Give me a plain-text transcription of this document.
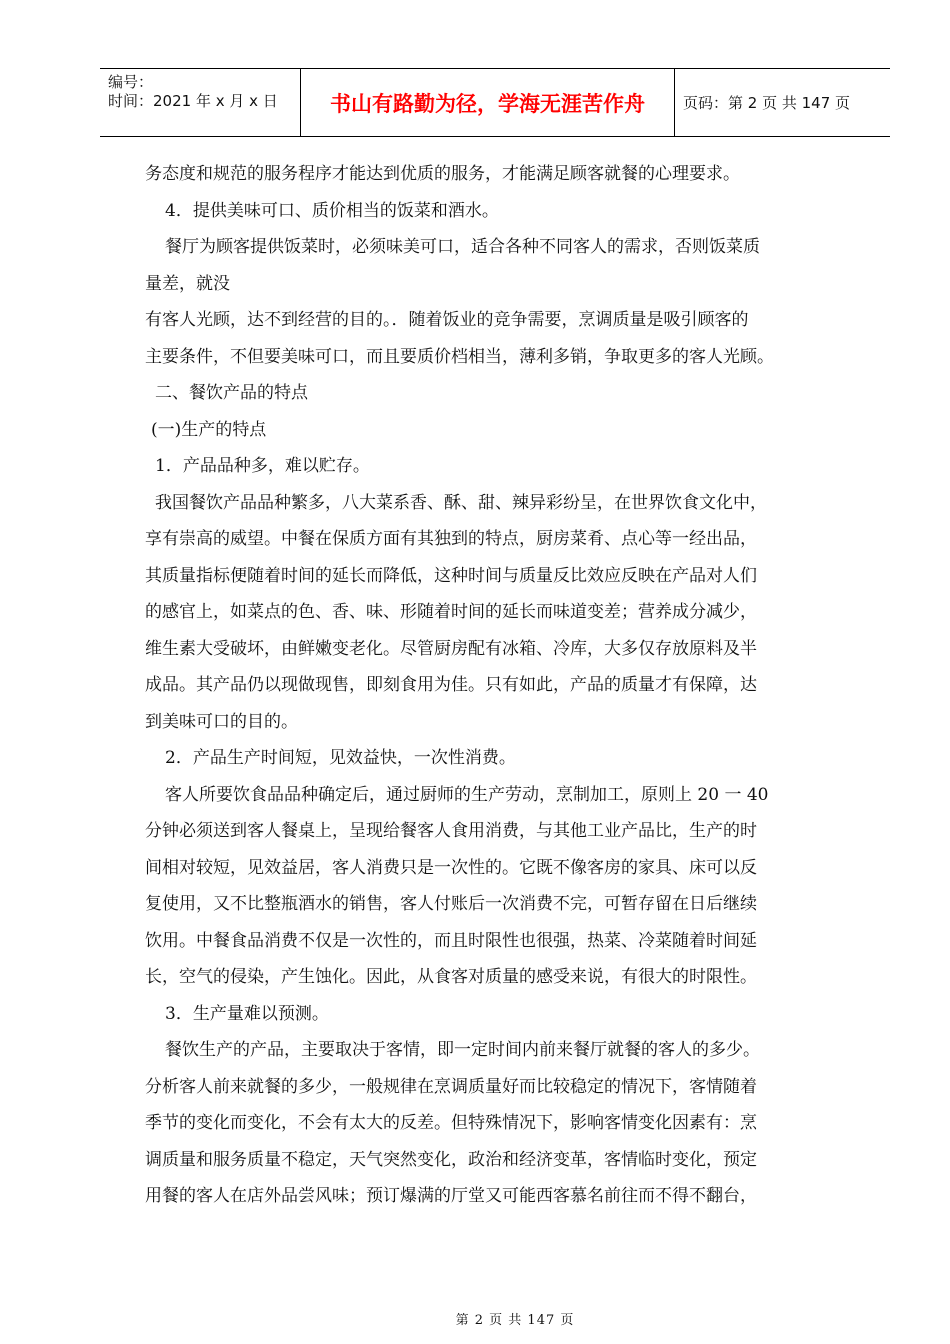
编号：
时间：2021 年 x 月 x 日	书山有路勤为径，学海无涯苦作舟	页码：第 2 页 共 147 页
务态度和规范的服务程序才能达到优质的服务，才能满足顾客就餐的心理要求。
4．提供美味可口、质价相当的饭菜和酒水。
餐厅为顾客提供饭菜时，必须味美可口，适合各种不同客人的需求，否则饭菜质
量差，就没
有客人光顾，达不到经营的目的。．随着饭业的竞争需要，烹调质量是吸引顾客的
主要条件，不但要美味可口，而且要质价档相当，薄利多销，争取更多的客人光顾。
二、餐饮产品的特点
(一)生产的特点
1．产品品种多，难以贮存。
我国餐饮产品品种繁多，八大菜系香、酥、甜、辣异彩纷呈，在世界饮食文化中，
享有崇高的威望。中餐在保质方面有其独到的特点，厨房菜肴、点心等一经出品，
其质量指标便随着时间的延长而降低，这种时间与质量反比效应反映在产品对人们
的感官上，如菜点的色、香、味、形随着时间的延长而味道变差；营养成分减少，
维生素大受破坏，由鲜嫩变老化。尽管厨房配有冰箱、冷库，大多仅存放原料及半
成品。其产品仍以现做现售，即刻食用为佳。只有如此，产品的质量才有保障，达
到美味可口的目的。
2．产品生产时间短，见效益快，一次性消费。
客人所要饮食品品种确定后，通过厨师的生产劳动，烹制加工，原则上 20 一 40
分钟必须送到客人餐桌上，呈现给餐客人食用消费，与其他工业产品比，生产的时
间相对较短，见效益居，客人消费只是一次性的。它既不像客房的家具、床可以反
复使用，又不比整瓶酒水的销售，客人付账后一次消费不完，可暂存留在日后继续
饮用。中餐食品消费不仅是一次性的，而且时限性也很强，热菜、冷菜随着时间延
长，空气的侵染，产生蚀化。因此，从食客对质量的感受来说，有很大的时限性。
3．生产量难以预测。
餐饮生产的产品，主要取决于客情，即一定时间内前来餐厅就餐的客人的多少。
分析客人前来就餐的多少，一般规律在烹调质量好而比较稳定的情况下，客情随着
季节的变化而变化，不会有太大的反差。但特殊情况下，影响客情变化因素有：烹
调质量和服务质量不稳定，天气突然变化，政治和经济变革，客情临时变化，预定
用餐的客人在店外品尝风味；预订爆满的厅堂又可能西客慕名前往而不得不翻台，
第 2 页 共 147 页
